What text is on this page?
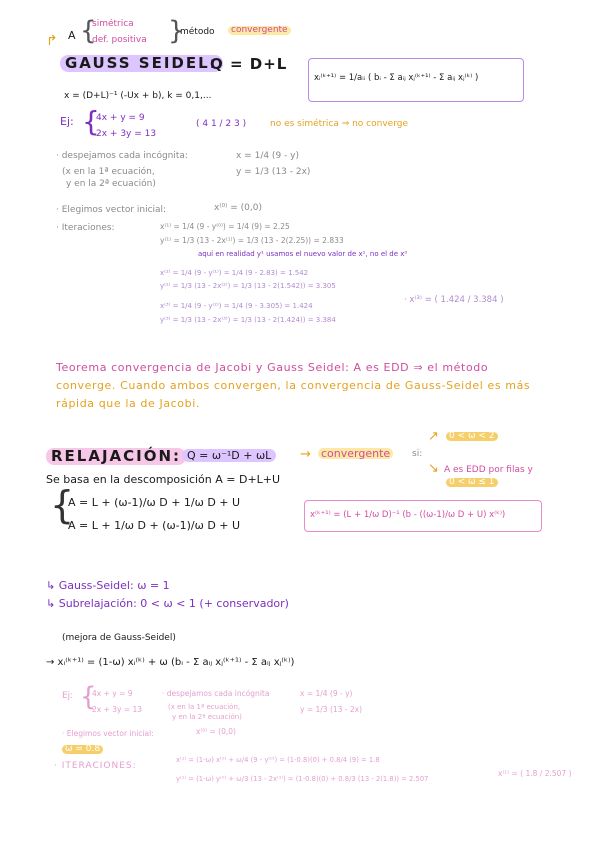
↱ A {
simétrica
def. positiva }
método	convergente
GAUSS SEIDEL:
Q = D+L
x = (D+L)⁻¹ (-Ux + b), k = 0,1,...
xᵢ⁽ᵏ⁺¹⁾ = 1/aᵢᵢ ( bᵢ - Σ aᵢⱼ xⱼ⁽ᵏ⁺¹⁾ - Σ aᵢⱼ xⱼ⁽ᵏ⁾ )
Ej: {
4x + y = 9
2x + 3y = 13
( 4 1 / 2 3 )	no es simétrica ⇒ no converge
· despejamos cada incógnita:	x = 1/4 (9 - y)
(x en la 1ª ecuación,
y en la 2ª ecuación)
y = 1/3 (13 - 2x)
· Elegimos vector inicial:	x⁽⁰⁾ = (0,0)
· Iteraciones:	x⁽¹⁾ = 1/4 (9 - y⁽⁰⁾) = 1/4 (9) = 2.25
y⁽¹⁾ = 1/3 (13 - 2x⁽¹⁾) = 1/3 (13 - 2(2.25)) = 2.833
aquí en realidad y¹ usamos el nuevo valor de x¹, no el de x⁰
x⁽²⁾ = 1/4 (9 - y⁽¹⁾) = 1/4 (9 - 2.83) = 1.542
y⁽²⁾ = 1/3 (13 - 2x⁽²⁾) = 1/3 (13 - 2(1.542)) = 3.305
x⁽³⁾ = 1/4 (9 - y⁽²⁾) = 1/4 (9 - 3.305) = 1.424
y⁽³⁾ = 1/3 (13 - 2x⁽³⁾) = 1/3 (13 - 2(1.424)) = 3.384
· x⁽³⁾ = ( 1.424 / 3.384 )
Teorema convergencia de Jacobi y Gauss Seidel: A es EDD ⇒ el método
converge. Cuando ambos convergen, la convergencia de Gauss-Seidel es más
rápida que la de Jacobi.
RELAJACIÓN: Q = ω⁻¹D + ωL	→ convergente	si:
↗
↘
0 < ω < 2
A es EDD por filas y
0 < ω ≤ 1
Se basa en la descomposición A = D+L+U
{
A = L + (ω-1)/ω D + 1/ω D + U
A = L + 1/ω D + (ω-1)/ω D + U
x⁽ᵏ⁺¹⁾ = (L + 1/ω D)⁻¹ (b - ((ω-1)/ω D + U) x⁽ᵏ⁾)
↳ Gauss-Seidel: ω = 1
↳ Subrelajación: 0 < ω < 1 (+ conservador)
(mejora de Gauss-Seidel)
→ xᵢ⁽ᵏ⁺¹⁾ = (1-ω) xᵢ⁽ᵏ⁾ + ω (bᵢ - Σ aᵢⱼ xⱼ⁽ᵏ⁺¹⁾ - Σ aᵢⱼ xⱼ⁽ᵏ⁾)
Ej: {
4x + y = 9
2x + 3y = 13
· despejamos cada incógnita
(x en la 1ª ecuación,
y en la 2ª ecuación)
x = 1/4 (9 - y)
y = 1/3 (13 - 2x)
· Elegimos vector inicial:	x⁽⁰⁾ = (0,0)
ω = 0.8
· ITERACIONES:
x⁽¹⁾ = (1-ω) x⁽⁰⁾ + ω/4 (9 - y⁽⁰⁾) = (1-0.8)(0) + 0.8/4 (9) = 1.8
y⁽¹⁾ = (1-ω) y⁽⁰⁾ + ω/3 (13 - 2x⁽¹⁾) = (1-0.8)(0) + 0.8/3 (13 - 2(1.8)) = 2.507
x⁽¹⁾ = ( 1.8 / 2.507 )
